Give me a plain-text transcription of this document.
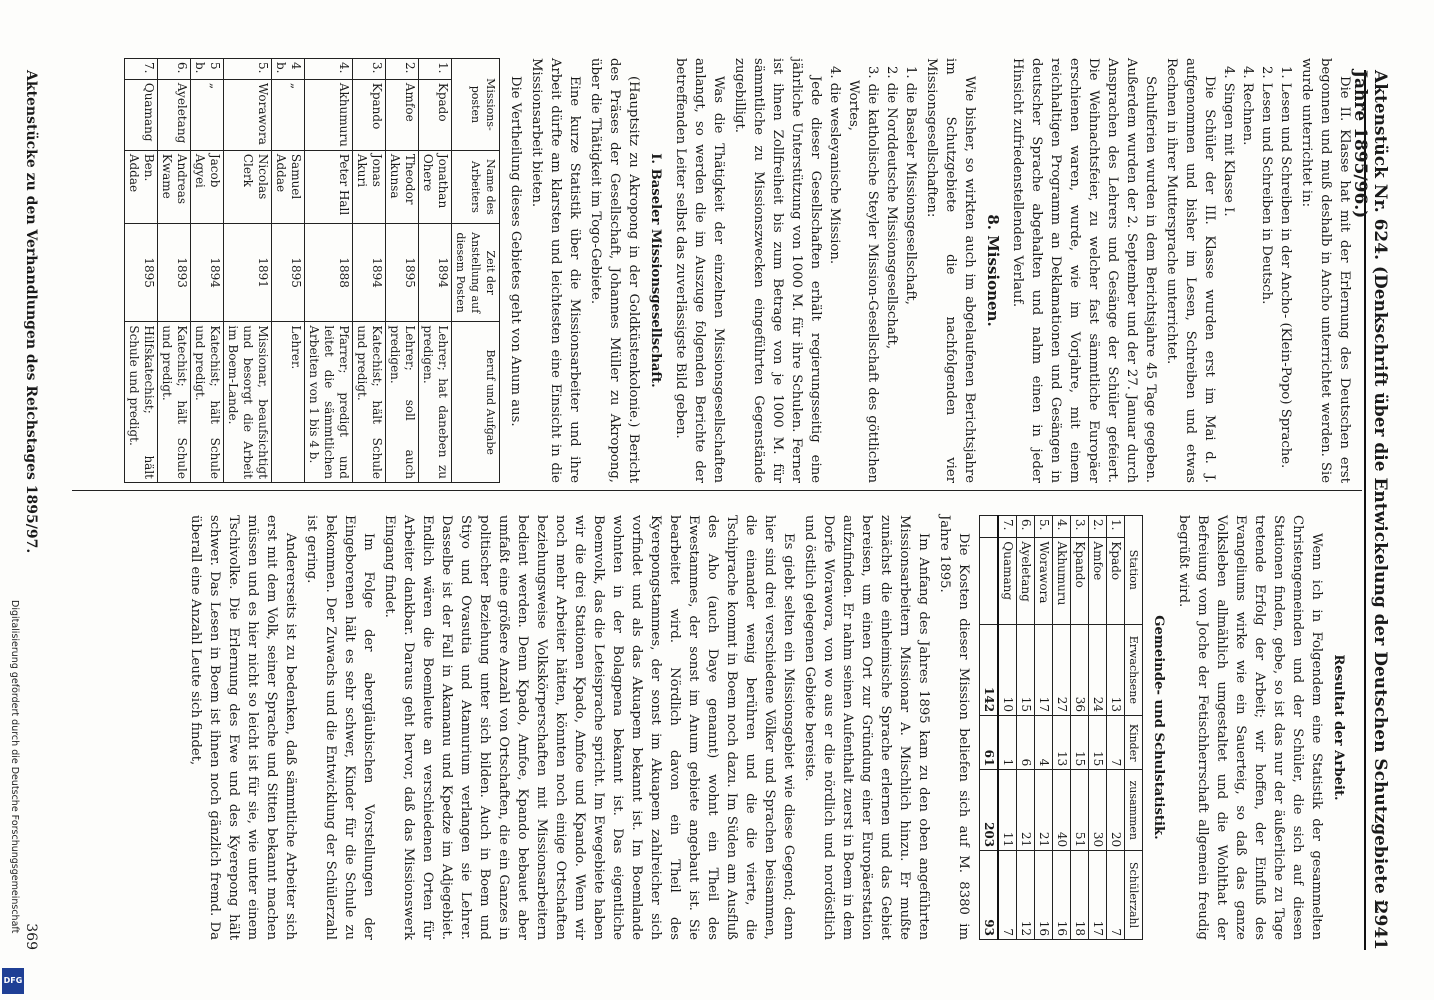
Aktenstück Nr. 624. (Denkschrift über die Entwickelung der Deutschen Schutzgebiete i. Jahre 1895/96.)
2941

Die II. Klasse hat mit der Erlernung des Deutschen erst begonnen und muß deshalb in Ancho unterrichtet werden. Sie wurde unterrichtet in:

1. Lesen und Schreiben in der Ancho- (Klein-Popo) Sprache.

2. Lesen und Schreiben in Deutsch.

4. Rechnen.

4. Singen mit Klasse I.

Die Schüler der III. Klasse wurden erst im Mai d. J. aufgenommen und bisher im Lesen, Schreiben und etwas Rechnen in ihrer Muttersprache unterrichtet.

Schulferien wurden in dem Berichtsjahre 45 Tage gegeben. Außerdem wurden der 2. September und der 27. Januar durch Ansprachen des Lehrers und Gesänge der Schüler gefeiert. Die Weihnachtsfeier, zu welcher fast sämmtliche Europäer erschienen waren, wurde, wie im Vorjahre, mit einem reichhaltigen Programm an Deklamationen und Gesängen in deutscher Sprache abgehalten und nahm einen in jeder Hinsicht zufriedenstellenden Verlauf.

8. Missionen.

Wie bisher, so wirkten auch im abgelaufenen Berichtsjahre im Schutzgebiete die nachfolgenden vier Missionsgesellschaften:

1. die Baseler Missionsgesellschaft,

2. die Norddeutsche Missionsgesellschaft,

3. die katholische Steyler Mission-Gesellschaft des göttlichen Wortes,

4. die wesleyanische Mission.

Jede dieser Gesellschaften erhält regierungsseitig eine jährliche Unterstützung von 1000 M. für ihre Schulen. Ferner ist ihnen Zollfreiheit bis zum Betrage von je 1000 M. für sämmtliche zu Missionszwecken eingeführten Gegenstände zugebilligt.

Was die Thätigkeit der einzelnen Missionsgesellschaften anlangt, so werden die im Auszuge folgenden Berichte der betreffenden Leiter selbst das zuverlässigste Bild geben.

I. Baseler Missionsgesellschaft.

(Hauptsitz zu Akropong in der Goldküstenkolonie.) Bericht des Präses der Gesellschaft, Johannes Müller zu Akropong, über die Thätigkeit im Togo-Gebiete.

Eine kurze Statistik über die Missionsarbeiter und ihre Arbeit dürfte am klarsten und leichtesten eine Einsicht in die Missionsarbeit bieten.

Die Vertheilung dieses Gebietes geht von Anum aus.

Missions-posten		Name des Arbeiters	Zeit der Anstellung auf diesem Posten	Beruf und Aufgabe
1.	Kpado	Jonathan Ohere	1894	Lehrer; hat daneben zu predigen.
2.	Amfoe	Theodor Akunsa	1895	Lehrer; soll auch predigen.
3.	Kpando	Jonas Akuri	1894	Katechist; hält Schule und predigt.
4.	Akhumuru	Peter Hall	1888	Pfarrer; predigt und leitet die sämmtlichen Arbeiten von 1 bis 4 b.
4 b.	„	Samuel Addae	1895	Lehrer.
5.	Worawora	Nicolas Clerk	1891	Missionar, beaufsichtigt und besorgt die Arbeit im Boem-Lande.
5 b.	„	Jacob Agyei	1894	Katechist; hält Schule und predigt.
6.	Ayeletang	Andreas Kwame	1893	Katechist; hält Schule und predigt.
7.	Quamang	Ben. Addae	1895	Hilfskatechist; hält Schule und predigt.

Resultat der Arbeit.

Wenn ich in Folgendem eine Statistik der gesammelten Christengemeinden und der Schüler, die sich auf diesen Stationen finden, gebe, so ist das nur der äußerliche zu Tage tretende Erfolg der Arbeit; wir hoffen, der Einfluß des Evangeliums wirke wie ein Sauerteig, so daß das ganze Volksleben allmählich umgestaltet und die Wohlthat der Befreiung vom Joche der Fetischherrschaft allgemein freudig begrüßt wird.

Gemeinde- und Schulstatistik.

Station		Erwachsene	Kinder	zusammen	Schülerzahl
1.	Kpado	13	7	20	7
2.	Amfoe	24	15	30	17
3.	Kpando	36	15	51	18
4.	Akhumuru	27	13	40	16
5.	Worawora	17	4	21	16
6.	Ayeletang	15	6	21	12
7.	Quamang	10	1	11	7
		142	61	203	93

Die Kosten dieser Mission beliefen sich auf M. 8380 im Jahre 1895.

Im Anfang des Jahres 1895 kam zu den oben angeführten Missionsarbeitern Missionar A. Mischlich hinzu. Er mußte zunächst die einheimische Sprache erlernen und das Gebiet bereisen, um einen Ort zur Gründung einer Europäerstation aufzufinden. Er nahm seinen Aufenthalt zuerst in Boem in dem Dorfe Worawora, von wo aus er die nördlich und nordöstlich und östlich gelegenen Gebiete bereiste.

Es giebt selten ein Missionsgebiet wie diese Gegend; denn hier sind drei verschiedene Völker und Sprachen beisammen, die einander wenig berühren und die die vierte, die Tschiprache kommt in Boem noch dazu. Im Süden am Ausfluß des Aho (auch Daye genannt) wohnt ein Theil des Ewestammes, der sonst im Anum gebiete angebaut ist. Sie bearbeitet wird. Nördlich davon ein Theil des Kyerepongstammes, der sonst im Akuapem zahlreicher sich vorfindet und als das Akuapem bekannt ist. Im Boemlande wohnten in der Bolagpena bekannt ist. Das eigentliche Boemvolk, das die Leteisprache spricht. Im Ewegebiete haben wir die drei Stationen Kpado, Amfoe und Kpando. Wenn wir noch mehr Arbeiter hätten, könnten noch einige Ortschaften beziehungsweise Volkskörperschaften mit Missionsarbeitern bedient werden. Denn Kpado, Amfoe, Kpando bebauet aber umfaßt eine größere Anzahl von Ortschaften, die ein Ganzes in politischer Beziehung unter sich bilden. Auch in Boem und Stiyo und Ovasutia und Atamurium verlangen sie Lehrer. Dasselbe ist der Fall in Akamanu und Kpedze im Adjegebiet. Endlich wären die Boemleute an verschiedenen Orten für Arbeiter dankbar. Daraus geht hervor, daß das Missionswerk Eingang findet.

Im Folge der abergläubischen Vorstellungen der Eingeborenen hält es sehr schwer, Kinder für die Schule zu bekommen. Der Zuwachs und die Entwicklung der Schülerzahl ist gering.

Andererseits ist zu bedenken, daß sämmtliche Arbeiter sich erst mit dem Volk, seiner Sprache und Sitten bekannt machen müssen und es hier nicht so leicht ist für sie, wie unter einem Tschivolke. Die Erlernung des Ewe und des Kyerepong hält schwer. Das Lesen in Boem ist ihnen noch gänzlich fremd. Da überall eine Anzahl Leute sich findet,

Aktenstücke zu den Verhandlungen des Reichstages 1895/97.
369
Digitalisierung gefördert durch die Deutsche Forschungsgemeinschaft
DFG
